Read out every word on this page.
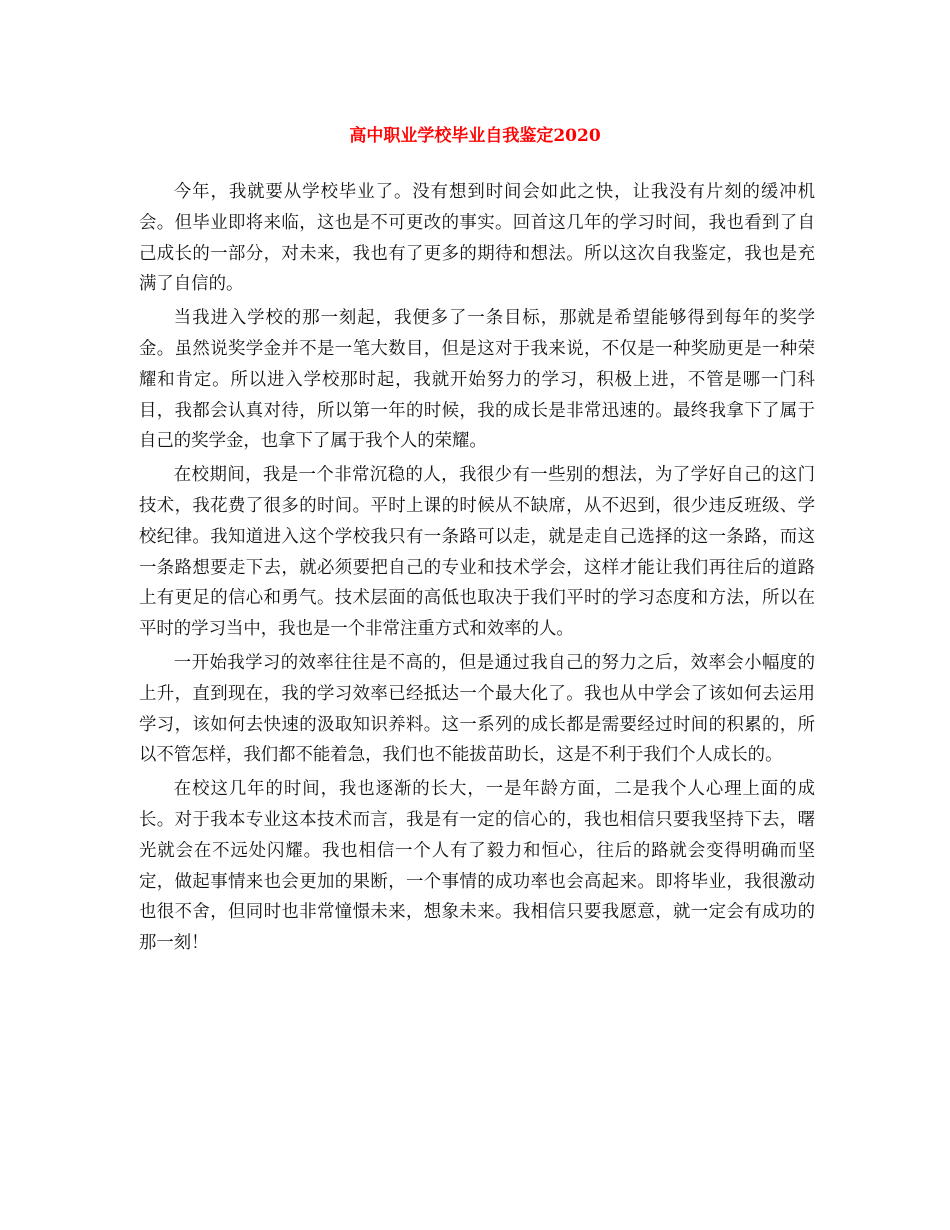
高中职业学校毕业自我鉴定2020

今年，我就要从学校毕业了。没有想到时间会如此之快，让我没有片刻的缓冲机会。但毕业即将来临，这也是不可更改的事实。回首这几年的学习时间，我也看到了自己成长的一部分，对未来，我也有了更多的期待和想法。所以这次自我鉴定，我也是充满了自信的。

当我进入学校的那一刻起，我便多了一条目标，那就是希望能够得到每年的奖学金。虽然说奖学金并不是一笔大数目，但是这对于我来说，不仅是一种奖励更是一种荣耀和肯定。所以进入学校那时起，我就开始努力的学习，积极上进，不管是哪一门科目，我都会认真对待，所以第一年的时候，我的成长是非常迅速的。最终我拿下了属于自己的奖学金，也拿下了属于我个人的荣耀。

在校期间，我是一个非常沉稳的人，我很少有一些别的想法，为了学好自己的这门技术，我花费了很多的时间。平时上课的时候从不缺席，从不迟到，很少违反班级、学校纪律。我知道进入这个学校我只有一条路可以走，就是走自己选择的这一条路，而这一条路想要走下去，就必须要把自己的专业和技术学会，这样才能让我们再往后的道路上有更足的信心和勇气。技术层面的高低也取决于我们平时的学习态度和方法，所以在平时的学习当中，我也是一个非常注重方式和效率的人。

一开始我学习的效率往往是不高的，但是通过我自己的努力之后，效率会小幅度的上升，直到现在，我的学习效率已经抵达一个最大化了。我也从中学会了该如何去运用学习，该如何去快速的汲取知识养料。这一系列的成长都是需要经过时间的积累的，所以不管怎样，我们都不能着急，我们也不能拔苗助长，这是不利于我们个人成长的。

在校这几年的时间，我也逐渐的长大，一是年龄方面，二是我个人心理上面的成长。对于我本专业这本技术而言，我是有一定的信心的，我也相信只要我坚持下去，曙光就会在不远处闪耀。我也相信一个人有了毅力和恒心，往后的路就会变得明确而坚定，做起事情来也会更加的果断，一个事情的成功率也会高起来。即将毕业，我很激动也很不舍，但同时也非常憧憬未来，想象未来。我相信只要我愿意，就一定会有成功的那一刻！
